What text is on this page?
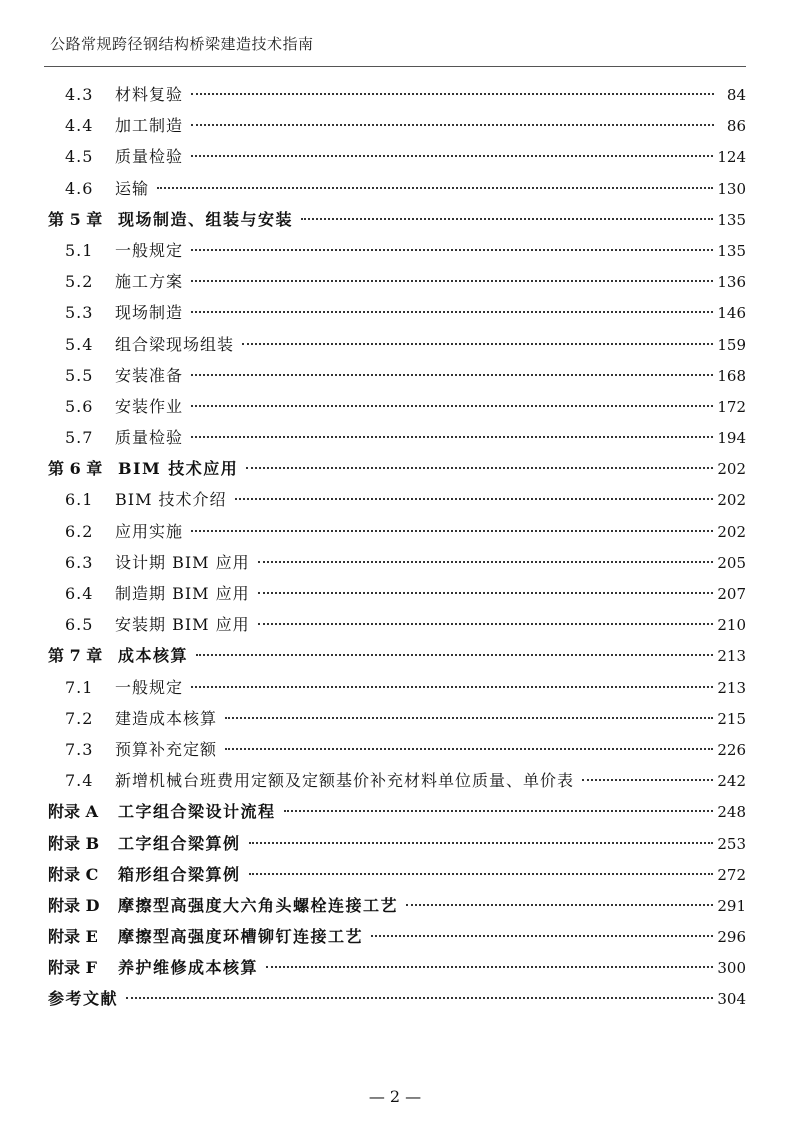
公路常规跨径钢结构桥梁建造技术指南
4.3	材料复验	84
4.4	加工制造	86
4.5	质量检验	124
4.6	运输	130
第 5 章 现场制造、组装与安装	135
5.1	一般规定	135
5.2	施工方案	136
5.3	现场制造	146
5.4	组合梁现场组装	159
5.5	安装准备	168
5.6	安装作业	172
5.7	质量检验	194
第 6 章 BIM 技术应用	202
6.1	BIM 技术介绍	202
6.2	应用实施	202
6.3	设计期 BIM 应用	205
6.4	制造期 BIM 应用	207
6.5	安装期 BIM 应用	210
第 7 章 成本核算	213
7.1	一般规定	213
7.2	建造成本核算	215
7.3	预算补充定额	226
7.4	新增机械台班费用定额及定额基价补充材料单位质量、单价表	242
附录 A	工字组合梁设计流程	248
附录 B	工字组合梁算例	253
附录 C	箱形组合梁算例	272
附录 D	摩擦型高强度大六角头螺栓连接工艺	291
附录 E	摩擦型高强度环槽铆钉连接工艺	296
附录 F	养护维修成本核算	300
参考文献	304
— 2 —
